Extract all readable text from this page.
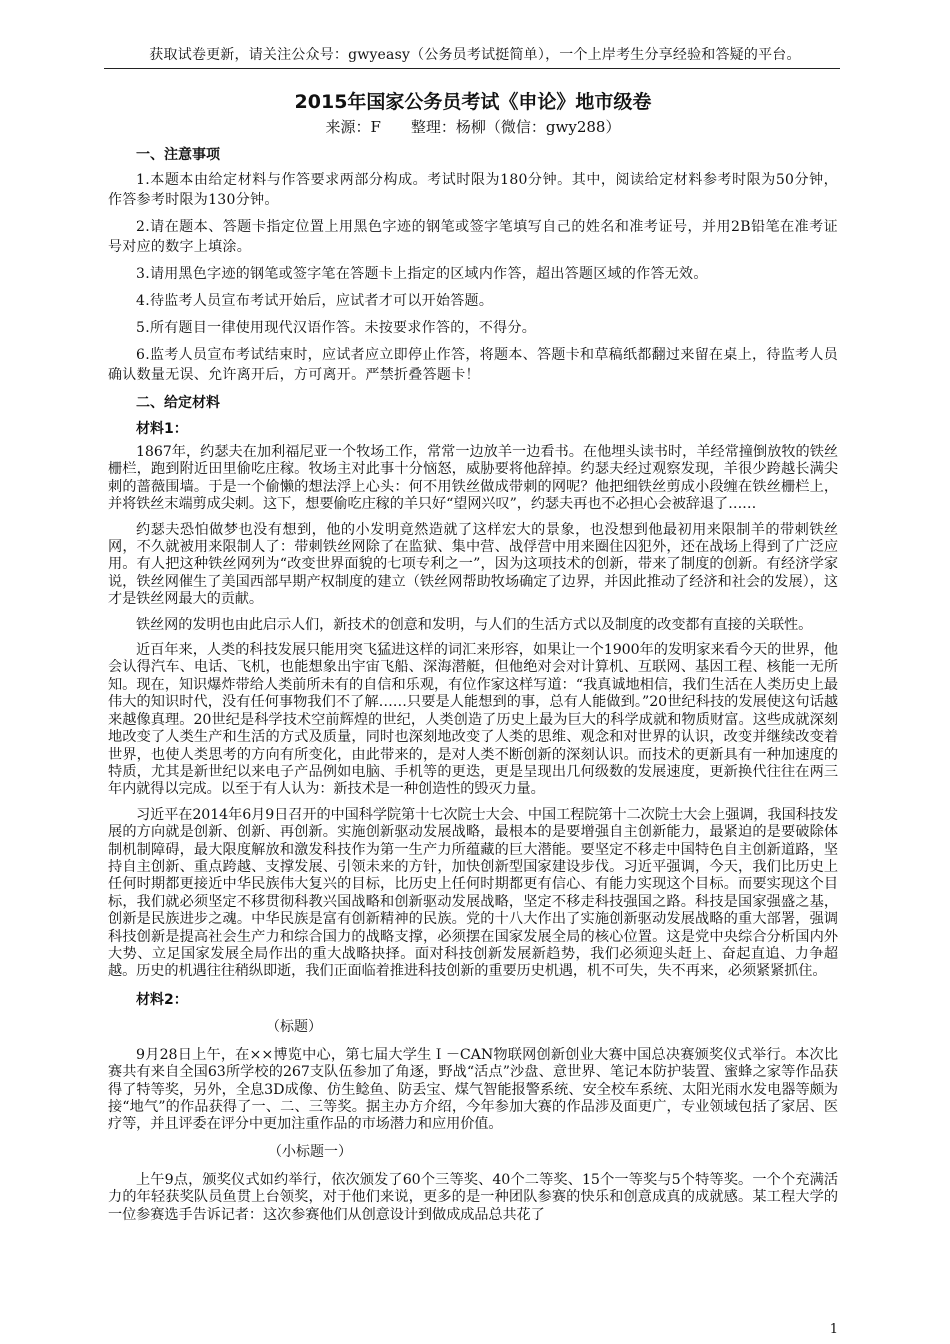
获取试卷更新，请关注公众号：gwyeasy（公务员考试挺简单），一个上岸考生分享经验和答疑的平台。
2015年国家公务员考试《申论》地市级卷

来源：F　　整理：杨柳（微信：gwy288）

一、注意事项

1.本题本由给定材料与作答要求两部分构成。考试时限为180分钟。其中，阅读给定材料参考时限为50分钟，作答参考时限为130分钟。

2.请在题本、答题卡指定位置上用黑色字迹的钢笔或签字笔填写自己的姓名和准考证号，并用2B铅笔在准考证号对应的数字上填涂。

3.请用黑色字迹的钢笔或签字笔在答题卡上指定的区域内作答，超出答题区域的作答无效。

4.待监考人员宣布考试开始后，应试者才可以开始答题。

5.所有题目一律使用现代汉语作答。未按要求作答的，不得分。

6.监考人员宣布考试结束时，应试者应立即停止作答，将题本、答题卡和草稿纸都翻过来留在桌上，待监考人员确认数量无误、允许离开后，方可离开。严禁折叠答题卡！

二、给定材料
材料1：

1867年，约瑟夫在加利福尼亚一个牧场工作，常常一边放羊一边看书。在他埋头读书时，羊经常撞倒放牧的铁丝栅栏，跑到附近田里偷吃庄稼。牧场主对此事十分恼怒，威胁要将他辞掉。约瑟夫经过观察发现，羊很少跨越长满尖刺的蔷薇围墙。于是一个偷懒的想法浮上心头：何不用铁丝做成带刺的网呢？他把细铁丝剪成小段缠在铁丝栅栏上，并将铁丝末端剪成尖刺。这下，想要偷吃庄稼的羊只好“望网兴叹”，约瑟夫再也不必担心会被辞退了……

约瑟夫恐怕做梦也没有想到，他的小发明竟然造就了这样宏大的景象，也没想到他最初用来限制羊的带刺铁丝网，不久就被用来限制人了：带刺铁丝网除了在监狱、集中营、战俘营中用来圈住囚犯外，还在战场上得到了广泛应用。有人把这种铁丝网列为“改变世界面貌的七项专利之一”，因为这项技术的创新，带来了制度的创新。有经济学家说，铁丝网催生了美国西部早期产权制度的建立（铁丝网帮助牧场确定了边界，并因此推动了经济和社会的发展），这才是铁丝网最大的贡献。

铁丝网的发明也由此启示人们，新技术的创意和发明，与人们的生活方式以及制度的改变都有直接的关联性。

近百年来，人类的科技发展只能用突飞猛进这样的词汇来形容，如果让一个1900年的发明家来看今天的世界，他会认得汽车、电话、飞机，也能想象出宇宙飞船、深海潜艇，但他绝对会对计算机、互联网、基因工程、核能一无所知。现在，知识爆炸带给人类前所未有的自信和乐观，有位作家这样写道：“我真诚地相信，我们生活在人类历史上最伟大的知识时代，没有任何事物我们不了解……只要是人能想到的事，总有人能做到。”20世纪科技的发展使这句话越来越像真理。20世纪是科学技术空前辉煌的世纪，人类创造了历史上最为巨大的科学成就和物质财富。这些成就深刻地改变了人类生产和生活的方式及质量，同时也深刻地改变了人类的思维、观念和对世界的认识，改变并继续改变着世界，也使人类思考的方向有所变化，由此带来的，是对人类不断创新的深刻认识。而技术的更新具有一种加速度的特质，尤其是新世纪以来电子产品例如电脑、手机等的更迭，更是呈现出几何级数的发展速度，更新换代往往在两三年内就得以完成。以至于有人认为：新技术是一种创造性的毁灭力量。

习近平在2014年6月9日召开的中国科学院第十七次院士大会、中国工程院第十二次院士大会上强调，我国科技发展的方向就是创新、创新、再创新。实施创新驱动发展战略，最根本的是要增强自主创新能力，最紧迫的是要破除体制机制障碍，最大限度解放和激发科技作为第一生产力所蕴藏的巨大潜能。要坚定不移走中国特色自主创新道路，坚持自主创新、重点跨越、支撑发展、引领未来的方针，加快创新型国家建设步伐。习近平强调，今天，我们比历史上任何时期都更接近中华民族伟大复兴的目标，比历史上任何时期都更有信心、有能力实现这个目标。而要实现这个目标，我们就必须坚定不移贯彻科教兴国战略和创新驱动发展战略，坚定不移走科技强国之路。科技是国家强盛之基，创新是民族进步之魂。中华民族是富有创新精神的民族。党的十八大作出了实施创新驱动发展战略的重大部署，强调科技创新是提高社会生产力和综合国力的战略支撑，必须摆在国家发展全局的核心位置。这是党中央综合分析国内外大势、立足国家发展全局作出的重大战略抉择。面对科技创新发展新趋势，我们必须迎头赶上、奋起直追、力争超越。历史的机遇往往稍纵即逝，我们正面临着推进科技创新的重要历史机遇，机不可失，失不再来，必须紧紧抓住。

材料2：
（标题）

9月28日上午，在××博览中心，第七届大学生Ｉ－CAN物联网创新创业大赛中国总决赛颁奖仪式举行。本次比赛共有来自全国63所学校的267支队伍参加了角逐，野战“活点”沙盘、意世界、笔记本防护装置、蜜蜂之家等作品获得了特等奖，另外，全息3D成像、仿生鲶鱼、防丢宝、煤气智能报警系统、安全校车系统、太阳光雨水发电器等颇为接“地气”的作品获得了一、二、三等奖。据主办方介绍，今年参加大赛的作品涉及面更广，专业领域包括了家居、医疗等，并且评委在评分中更加注重作品的市场潜力和应用价值。

（小标题一）

上午9点，颁奖仪式如约举行，依次颁发了60个三等奖、40个二等奖、15个一等奖与5个特等奖。一个个充满活力的年轻获奖队员鱼贯上台领奖，对于他们来说，更多的是一种团队参赛的快乐和创意成真的成就感。某工程大学的一位参赛选手告诉记者：这次参赛他们从创意设计到做成成品总共花了

1
